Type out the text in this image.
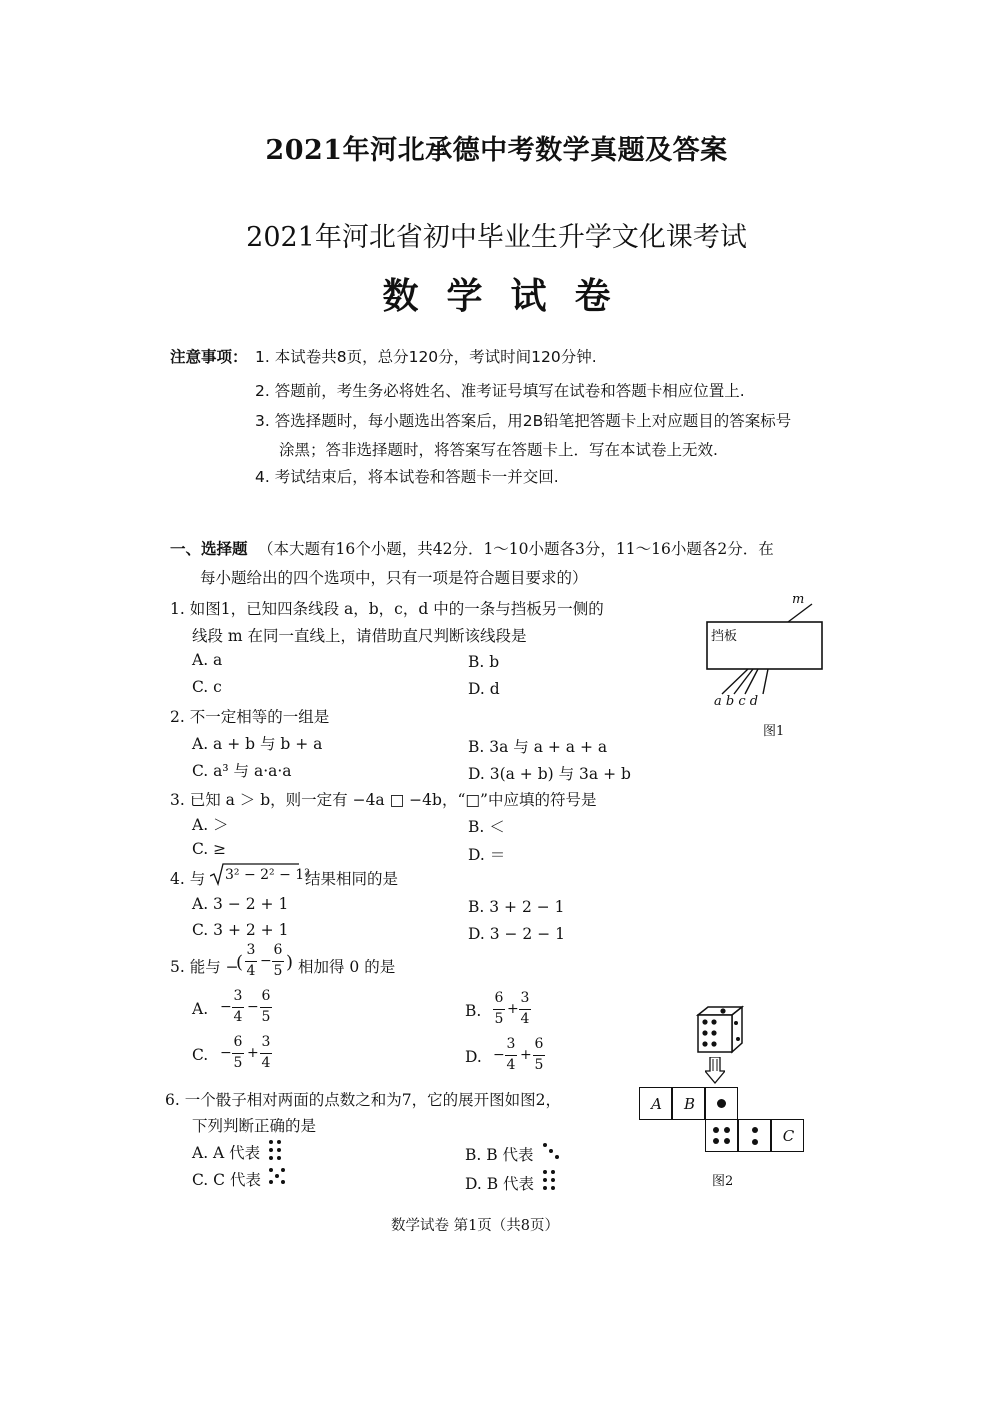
2021年河北承德中考数学真题及答案
2021年河北省初中毕业生升学文化课考试
数学试卷
注意事项： 1. 本试卷共8页，总分120分，考试时间120分钟.
2. 答题前，考生务必将姓名、准考证号填写在试卷和答题卡相应位置上.
3. 答选择题时，每小题选出答案后，用2B铅笔把答题卡上对应题目的答案标号
涂黑；答非选择题时，将答案写在答题卡上．写在本试卷上无效.
4. 考试结束后，将本试卷和答题卡一并交回.
一、选择题 （本大题有16个小题，共42分．1～10小题各3分，11～16小题各2分．在
每小题给出的四个选项中，只有一项是符合题目要求的）
1. 如图1，已知四条线段 a，b，c，d 中的一条与挡板另一侧的
线段 m 在同一直线上，请借助直尺判断该线段是
A. a	B. b
C. c	D. d
挡板
m
a b c d
图1
2. 不一定相等的一组是
A. a + b 与 b + a	B. 3a 与 a + a + a
C. a³ 与 a·a·a	D. 3(a + b) 与 3a + b
3. 已知 a ＞ b，则一定有 −4a □ −4b，“□”中应填的符号是
A. ＞	B. ＜
C. ≥	D. ＝
4. 与 3² − 2² − 1²
结果相同的是
A. 3 − 2 + 1	B. 3 + 2 − 1
C. 3 + 2 + 1	D. 3 − 2 − 1
5. 能与 −
(
3
4
−
6
5 ) 相加得 0 的是
A. −
3
4
−
6
5	B.
6
5
+
3
4
C. −
6
5
+
3
4	D. −
3
4
+
6
5
6. 一个骰子相对两面的点数之和为7，它的展开图如图2，
下列判断正确的是
A. A 代表	B. B 代表
C. C 代表	D. B 代表
A	B
C
图2
数学试卷 第1页（共8页）
